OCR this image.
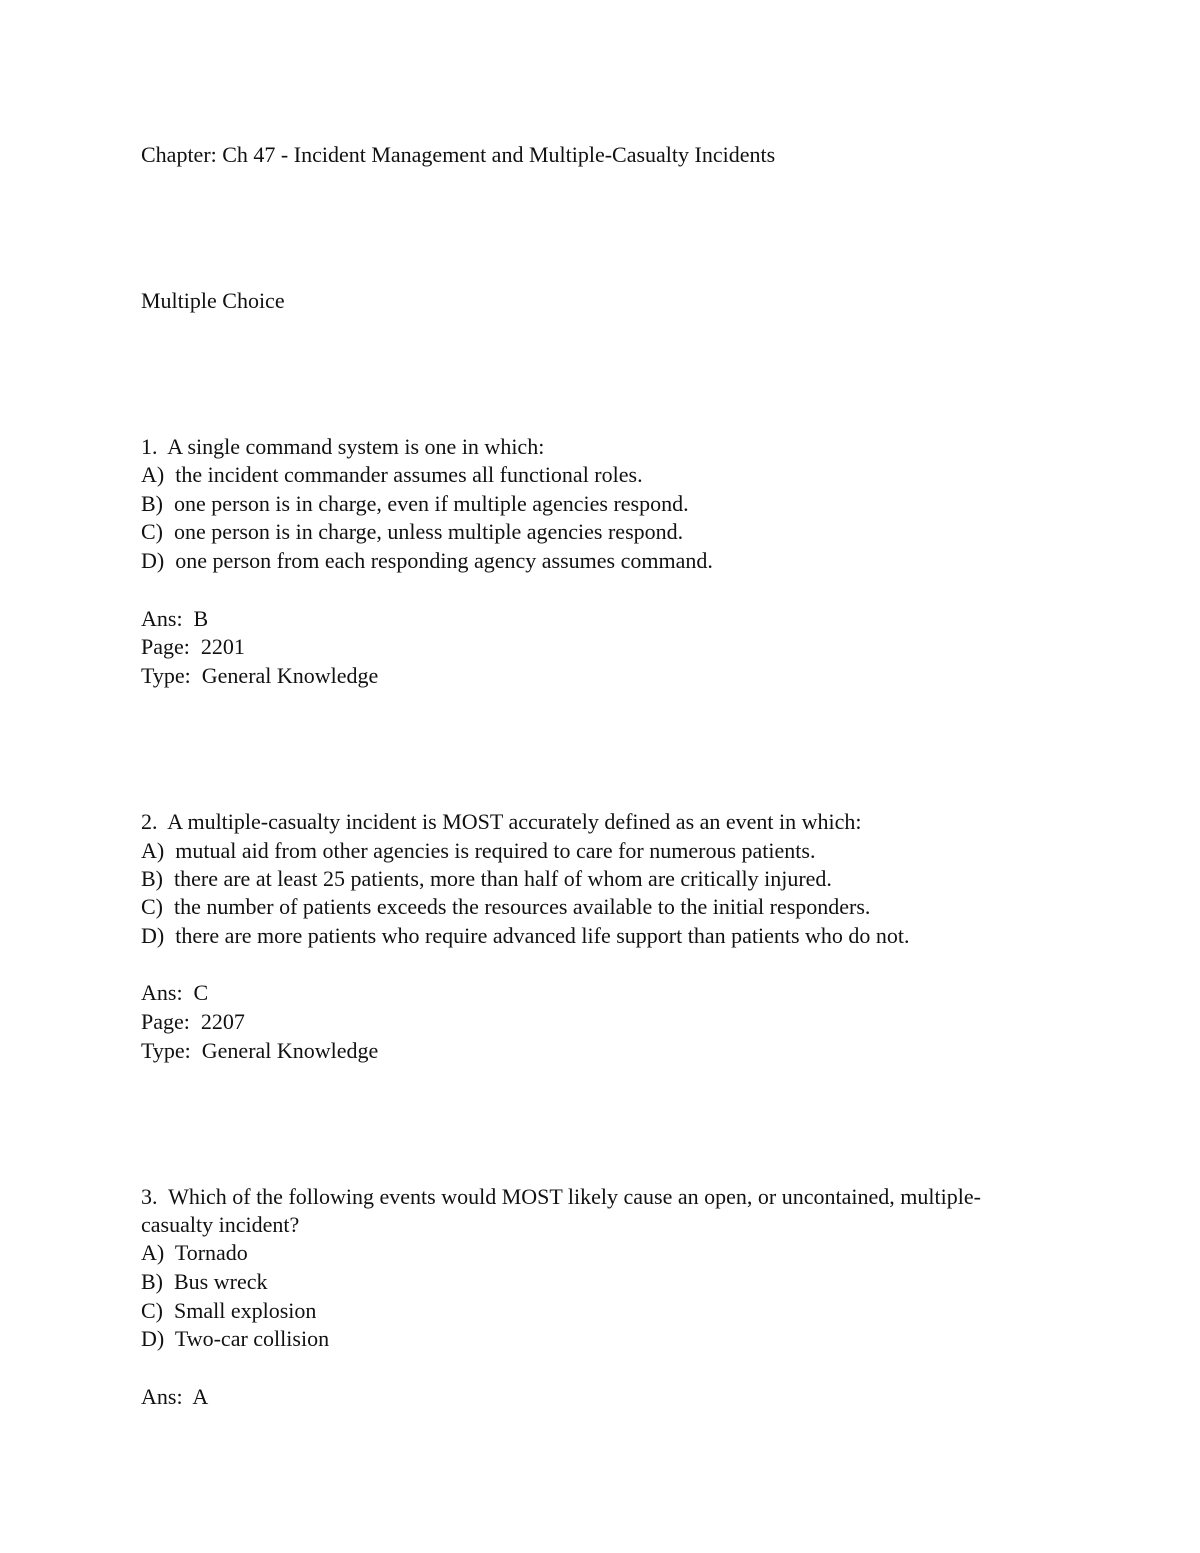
Chapter: Ch 47 - Incident Management and Multiple-Casualty Incidents
Multiple Choice
1.  A single command system is one in which:
A)  the incident commander assumes all functional roles.
B)  one person is in charge, even if multiple agencies respond.
C)  one person is in charge, unless multiple agencies respond.
D)  one person from each responding agency assumes command.
Ans:  B
Page:  2201
Type:  General Knowledge
2.  A multiple-casualty incident is MOST accurately defined as an event in which:
A)  mutual aid from other agencies is required to care for numerous patients.
B)  there are at least 25 patients, more than half of whom are critically injured.
C)  the number of patients exceeds the resources available to the initial responders.
D)  there are more patients who require advanced life support than patients who do not.
Ans:  C
Page:  2207
Type:  General Knowledge
3.  Which of the following events would MOST likely cause an open, or uncontained, multiple-
casualty incident?
A)  Tornado
B)  Bus wreck
C)  Small explosion
D)  Two-car collision
Ans:  A
